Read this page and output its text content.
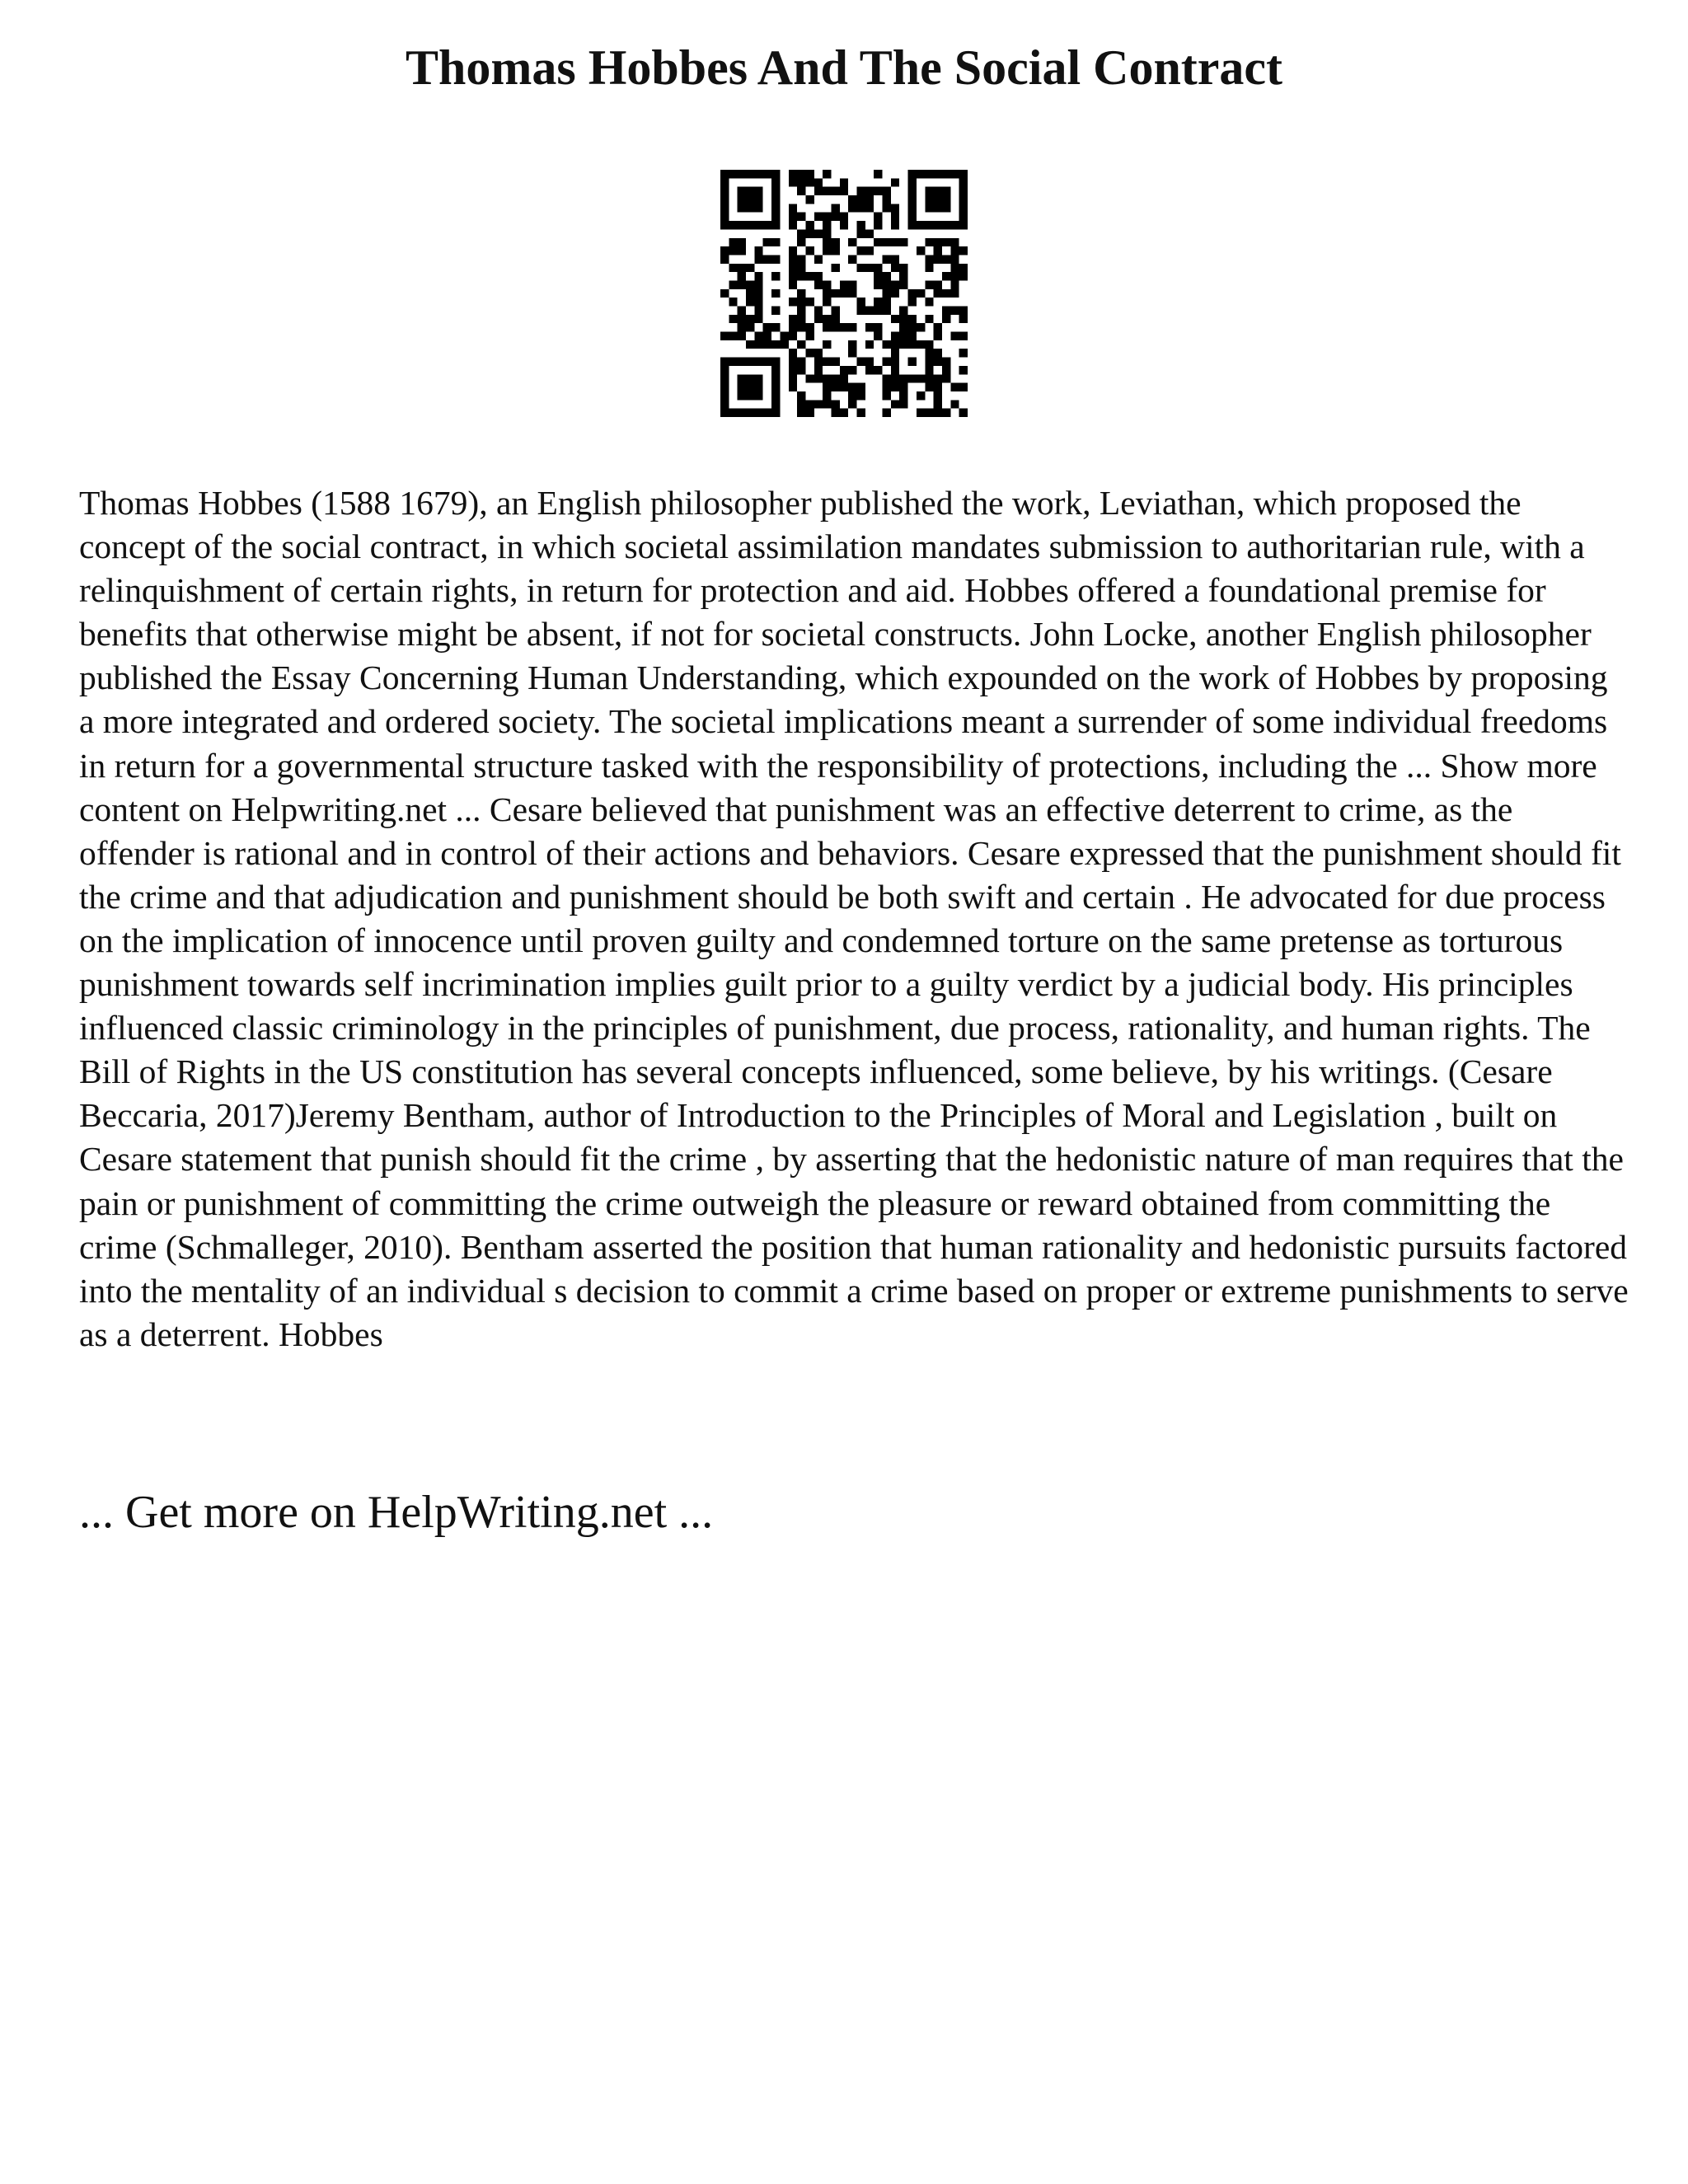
Thomas Hobbes And The Social Contract

Thomas Hobbes (1588 1679), an English philosopher published the work, Leviathan, which proposed the concept of the social contract, in which societal assimilation mandates submission to authoritarian rule, with a relinquishment of certain rights, in return for protection and aid. Hobbes offered a foundational premise for benefits that otherwise might be absent, if not for societal constructs. John Locke, another English philosopher published the Essay Concerning Human Understanding, which expounded on the work of Hobbes by proposing a more integrated and ordered society. The societal implications meant a surrender of some individual freedoms in return for a governmental structure tasked with the responsibility of protections, including the ... Show more content on Helpwriting.net ... Cesare believed that punishment was an effective deterrent to crime, as the offender is rational and in control of their actions and behaviors. Cesare expressed that the punishment should fit the crime and that adjudication and punishment should be both swift and certain . He advocated for due process on the implication of innocence until proven guilty and condemned torture on the same pretense as torturous punishment towards self incrimination implies guilt prior to a guilty verdict by a judicial body. His principles influenced classic criminology in the principles of punishment, due process, rationality, and human rights. The Bill of Rights in the US constitution has several concepts influenced, some believe, by his writings. (Cesare Beccaria, 2017)Jeremy Bentham, author of Introduction to the Principles of Moral and Legislation , built on Cesare statement that punish should fit the crime , by asserting that the hedonistic nature of man requires that the pain or punishment of committing the crime outweigh the pleasure or reward obtained from committing the crime (Schmalleger, 2010). Bentham asserted the position that human rationality and hedonistic pursuits factored into the mentality of an individual s decision to commit a crime based on proper or extreme punishments to serve as a deterrent. Hobbes

... Get more on HelpWriting.net ...
